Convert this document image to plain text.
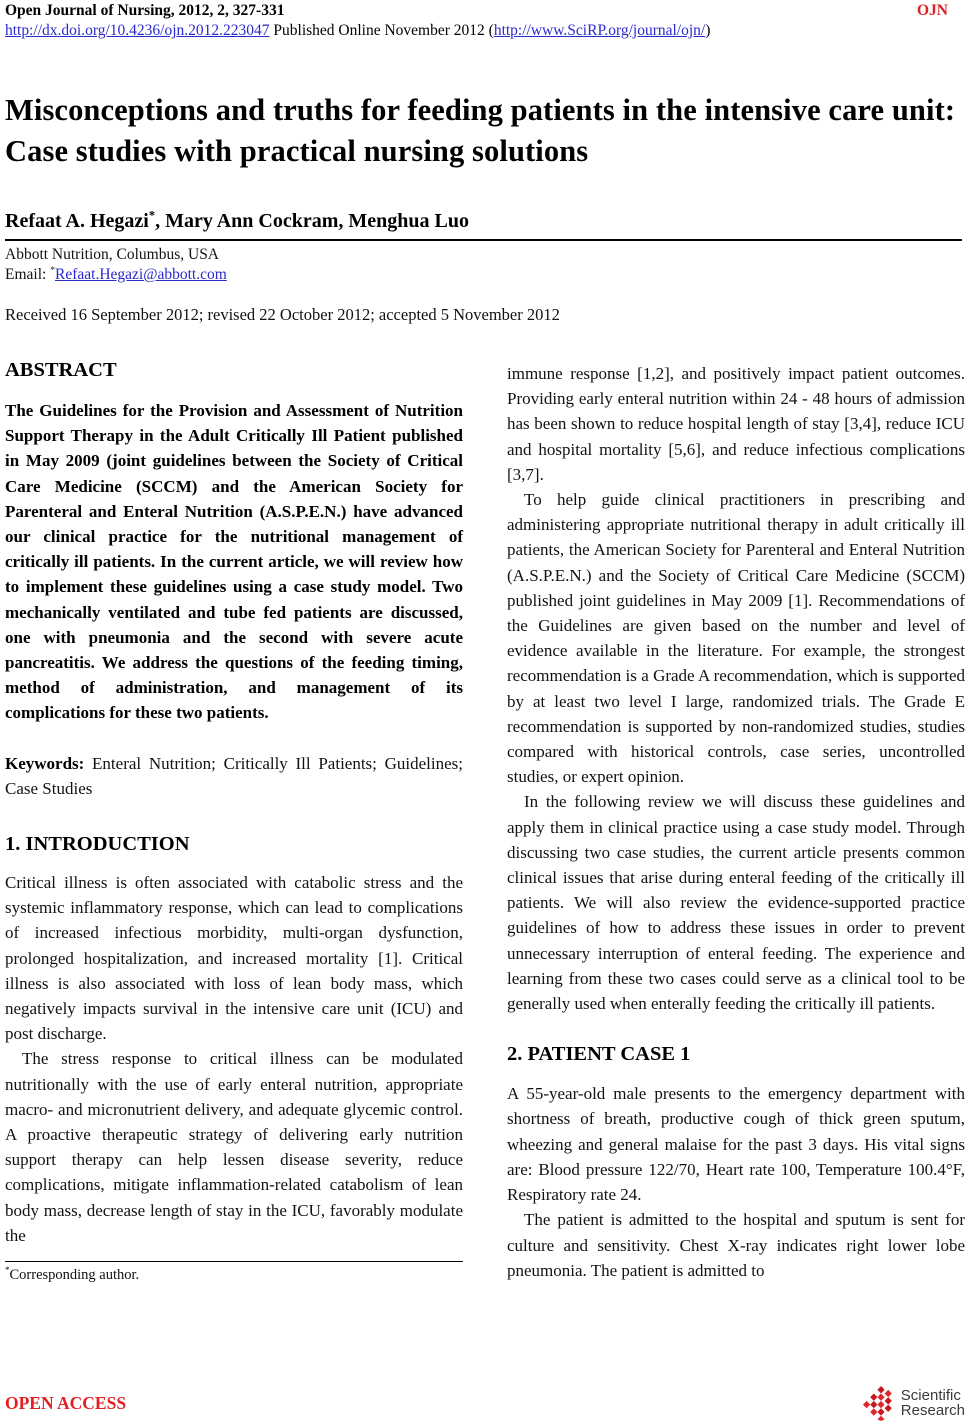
Open Journal of Nursing, 2012, 2, 327-331	OJN
http://dx.doi.org/10.4236/ojn.2012.223047 Published Online November 2012 (http://www.SciRP.org/journal/ojn/)
Misconceptions and truths for feeding patients in the intensive care unit: Case studies with practical nursing solutions
Refaat A. Hegazi*, Mary Ann Cockram, Menghua Luo
Abbott Nutrition, Columbus, USA
Email: *Refaat.Hegazi@abbott.com
Received 16 September 2012; revised 22 October 2012; accepted 5 November 2012
ABSTRACT

The Guidelines for the Provision and Assessment of Nutrition Support Therapy in the Adult Critically Ill Patient published in May 2009 (joint guidelines between the Society of Critical Care Medicine (SCCM) and the American Society for Parenteral and Enteral Nutrition (A.S.P.E.N.) have advanced our clinical practice for the nutritional management of critically ill patients. In the current article, we will review how to implement these guidelines using a case study model. Two mechanically ventilated and tube fed patients are discussed, one with pneumonia and the second with severe acute pancreatitis. We address the questions of the feeding timing, method of administration, and management of its complications for these two patients.

Keywords: Enteral Nutrition; Critically Ill Patients; Guidelines; Case Studies

1. INTRODUCTION

Critical illness is often associated with catabolic stress and the systemic inflammatory response, which can lead to complications of increased infectious morbidity, multi-organ dysfunction, prolonged hospitalization, and increased mortality [1]. Critical illness is also associated with loss of lean body mass, which negatively impacts survival in the intensive care unit (ICU) and post discharge.

The stress response to critical illness can be modulated nutritionally with the use of early enteral nutrition, appropriate macro- and micronutrient delivery, and adequate glycemic control. A proactive therapeutic strategy of delivering early nutrition support therapy can help lessen disease severity, reduce complications, mitigate inflammation-related catabolism of lean body mass, decrease length of stay in the ICU, favorably modulate the

*Corresponding author.

immune response [1,2], and positively impact patient outcomes. Providing early enteral nutrition within 24 - 48 hours of admission has been shown to reduce hospital length of stay [3,4], reduce ICU and hospital mortality [5,6], and reduce infectious complications [3,7].

To help guide clinical practitioners in prescribing and administering appropriate nutritional therapy in adult critically ill patients, the American Society for Parenteral and Enteral Nutrition (A.S.P.E.N.) and the Society of Critical Care Medicine (SCCM) published joint guidelines in May 2009 [1]. Recommendations of the Guidelines are given based on the number and level of evidence available in the literature. For example, the strongest recommendation is a Grade A recommendation, which is supported by at least two level I large, randomized trials. The Grade E recommendation is supported by non-randomized studies, studies compared with historical controls, case series, uncontrolled studies, or expert opinion.

In the following review we will discuss these guidelines and apply them in clinical practice using a case study model. Through discussing two case studies, the current article presents common clinical issues that arise during enteral feeding of the critically ill patients. We will also review the evidence-supported practice guidelines of how to address these issues in order to prevent unnecessary interruption of enteral feeding. The experience and learning from these two cases could serve as a clinical tool to be generally used when enterally feeding the critically ill patients.

2. PATIENT CASE 1

A 55-year-old male presents to the emergency department with shortness of breath, productive cough of thick green sputum, wheezing and general malaise for the past 3 days. His vital signs are: Blood pressure 122/70, Heart rate 100, Temperature 100.4°F, Respiratory rate 24.

The patient is admitted to the hospital and sputum is sent for culture and sensitivity. Chest X-ray indicates right lower lobe pneumonia. The patient is admitted to

OPEN ACCESS	Scientific
Research
